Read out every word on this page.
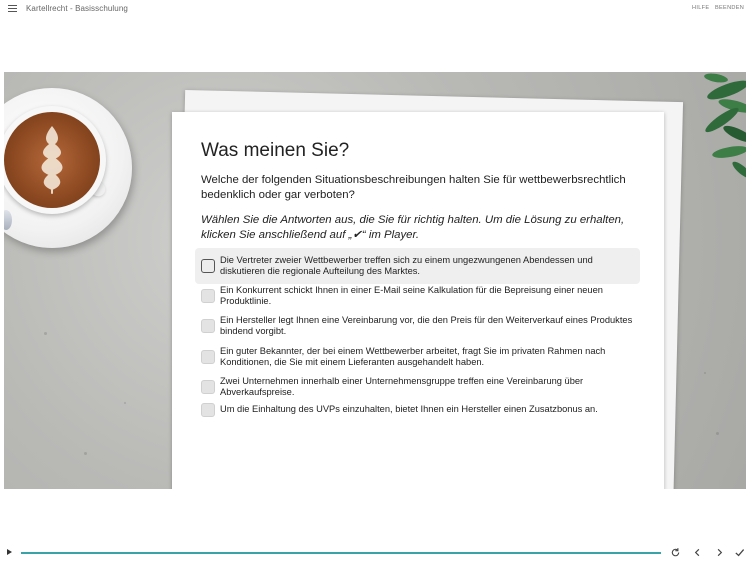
Kartellrecht - Basisschulung	HILFE BEENDEN
Was meinen Sie?
Welche der folgenden Situationsbeschreibungen halten Sie für wettbewerbsrechtlich bedenklich oder gar verboten?
Wählen Sie die Antworten aus, die Sie für richtig halten. Um die Lösung zu erhalten, klicken Sie anschließend auf „✔“ im Player.
Die Vertreter zweier Wettbewerber treffen sich zu einem ungezwungenen Abendessen und diskutieren die regionale Aufteilung des Marktes.
Ein Konkurrent schickt Ihnen in einer E-Mail seine Kalkulation für die Bepreisung einer neuen Produktlinie.
Ein Hersteller legt Ihnen eine Vereinbarung vor, die den Preis für den Weiterverkauf eines Produktes bindend vorgibt.
Ein guter Bekannter, der bei einem Wettbewerber arbeitet, fragt Sie im privaten Rahmen nach Konditionen, die Sie mit einem Lieferanten ausgehandelt haben.
Zwei Unternehmen innerhalb einer Unternehmensgruppe treffen eine Vereinbarung über Abverkaufspreise.
Um die Einhaltung des UVPs einzuhalten, bietet Ihnen ein Hersteller einen Zusatzbonus an.
